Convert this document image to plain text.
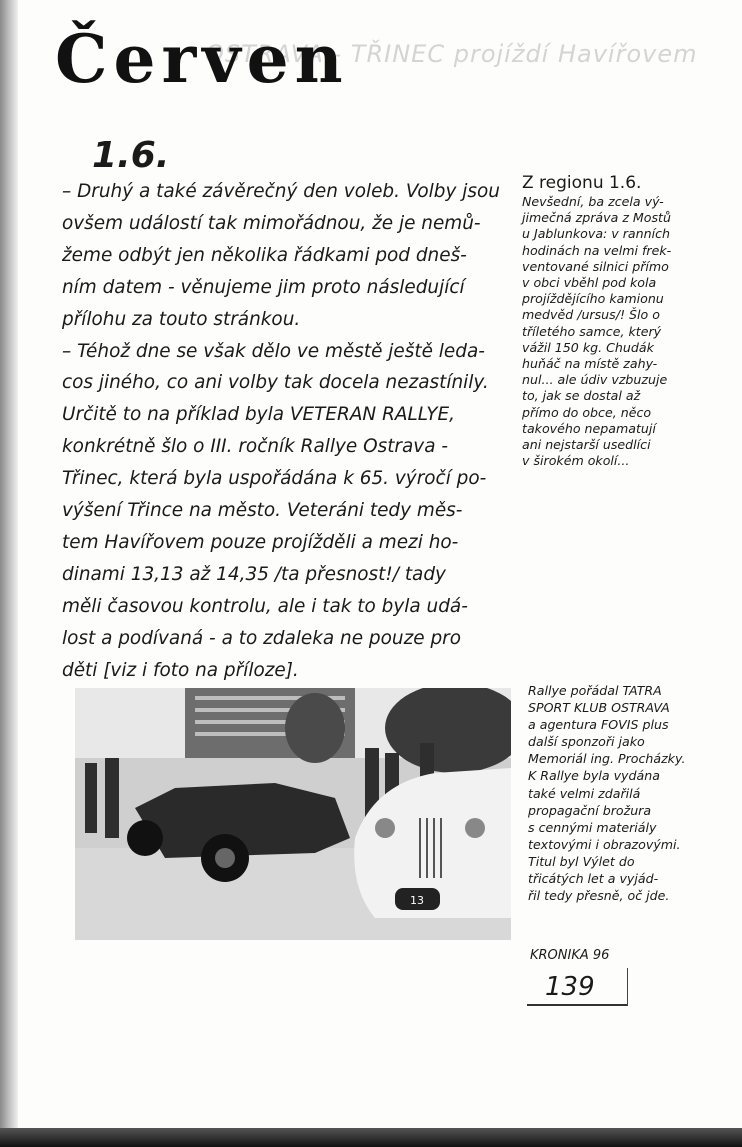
OSTRAVA - TŘINEC projíždí Havířovem
Červen
1.6.
– Druhý a také závěrečný den voleb. Volby jsou
ovšem událostí tak mimořádnou, že je nemů-
žeme odbýt jen několika řádkami pod dneš-
ním datem - věnujeme jim proto následující
přílohu za touto stránkou.
– Téhož dne se však dělo ve městě ještě leda-
cos jiného, co ani volby tak docela nezastínily.
Určitě to na příklad byla VETERAN RALLYE,
konkrétně šlo o III. ročník Rallye Ostrava -
Třinec, která byla uspořádána k 65. výročí po-
výšení Třince na město. Veteráni tedy měs-
tem Havířovem pouze projížděli a mezi ho-
dinami 13,13 až 14,35 /ta přesnost!/ tady
měli časovou kontrolu, ale i tak to byla udá-
lost a podívaná - a to zdaleka ne pouze pro
děti [viz i foto na příloze].
Z regionu 1.6.
Nevšední, ba zcela vý-
jimečná zpráva z Mostů
u Jablunkova: v ranních
hodinách na velmi frek-
ventované silnici přímo
v obci vběhl pod kola
projíždějícího kamionu
medvěd /ursus/! Šlo o
tříletého samce, který
vážil 150 kg. Chudák
huňáč na místě zahy-
nul... ale údiv vzbuzuje
to, jak se dostal až
přímo do obce, něco
takového nepamatují
ani nejstarší usedlíci
v širokém okolí...
13
Rallye pořádal TATRA
SPORT KLUB OSTRAVA
a agentura FOVIS plus
další sponzoři jako
Memoriál ing. Procházky.
K Rallye byla vydána
také velmi zdařilá
propagační brožura
s cennými materiály
textovými i obrazovými.
Titul byl Výlet do
třicátých let a vyjád-
řil tedy přesně, oč jde.
KRONIKA 96
139
